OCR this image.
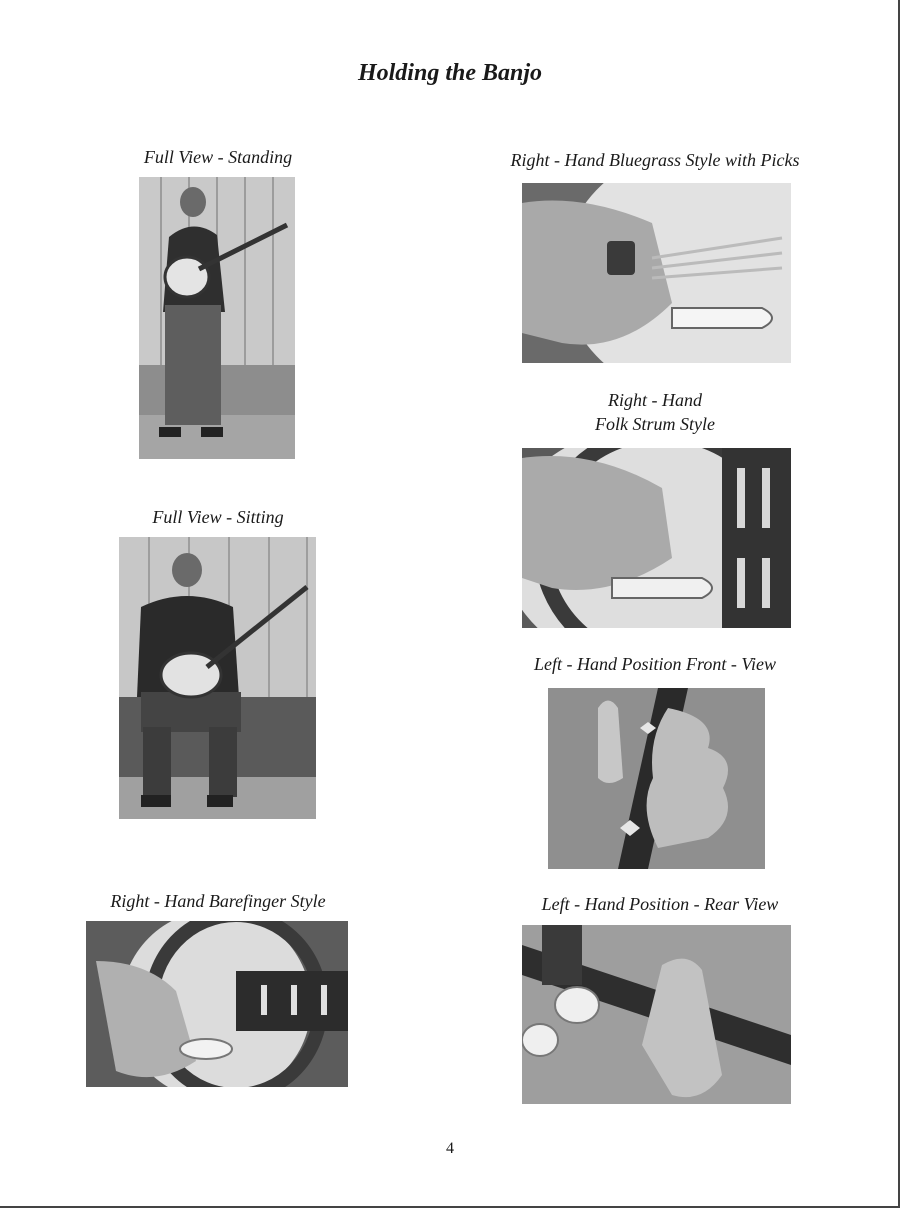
Holding the Banjo
Full View - Standing
Full View - Sitting
Right - Hand Barefinger Style
Right - Hand Bluegrass Style with Picks
Right - Hand
Folk Strum Style
Left - Hand Position Front - View
Left - Hand Position - Rear View
4
